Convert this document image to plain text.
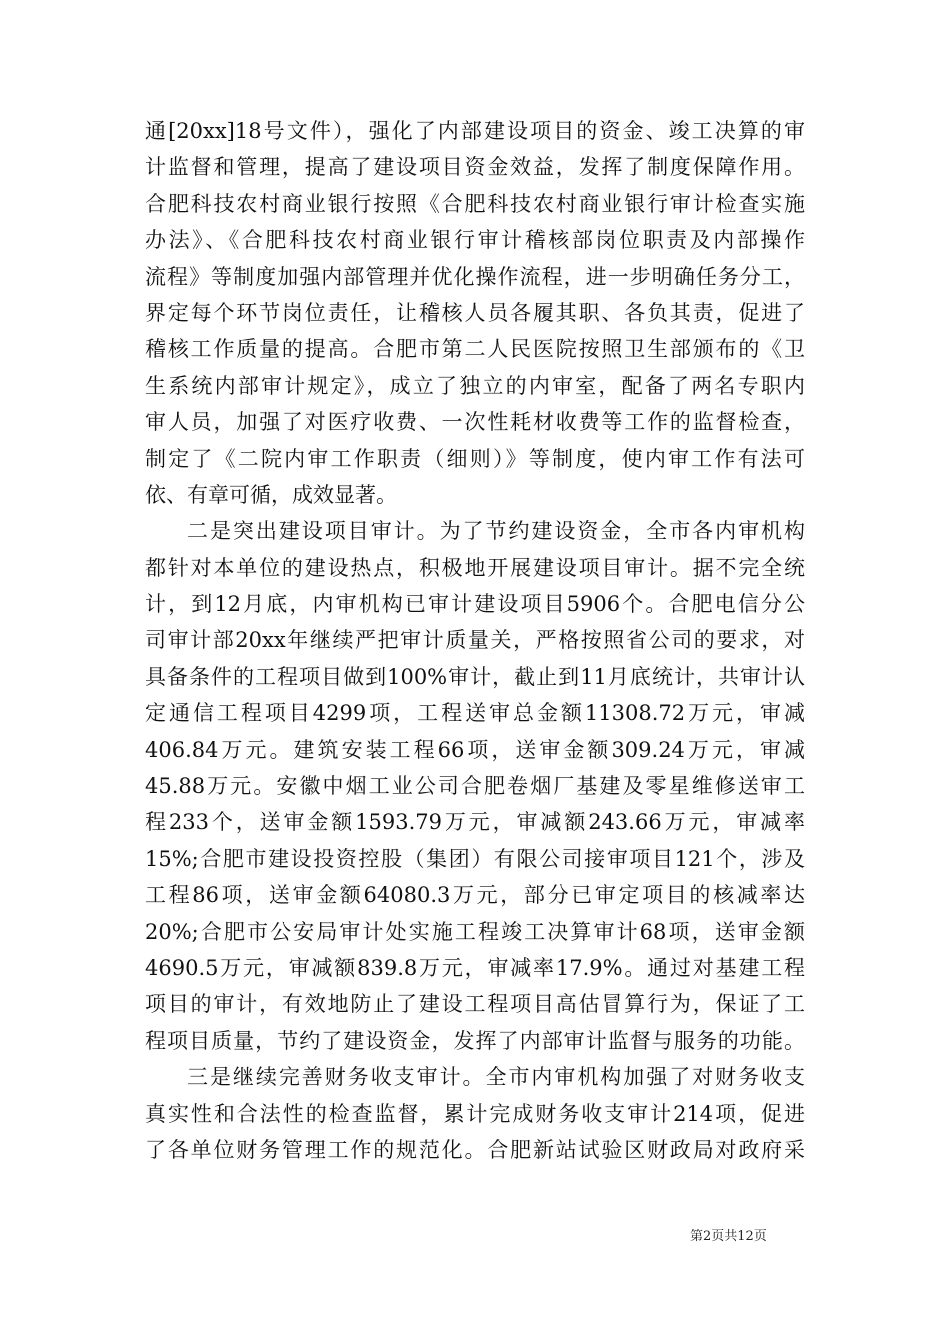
通[20xx]18号文件），强化了内部建设项目的资金、竣工决算的审
计监督和管理，提高了建设项目资金效益，发挥了制度保障作用。
合肥科技农村商业银行按照《合肥科技农村商业银行审计检查实施
办法》、《合肥科技农村商业银行审计稽核部岗位职责及内部操作
流程》等制度加强内部管理并优化操作流程，进一步明确任务分工，
界定每个环节岗位责任，让稽核人员各履其职、各负其责，促进了
稽核工作质量的提高。合肥市第二人民医院按照卫生部颁布的《卫
生系统内部审计规定》，成立了独立的内审室，配备了两名专职内
审人员，加强了对医疗收费、一次性耗材收费等工作的监督检查，
制定了《二院内审工作职责（细则）》等制度，使内审工作有法可
依、有章可循，成效显著。
二是突出建设项目审计。为了节约建设资金，全市各内审机构
都针对本单位的建设热点，积极地开展建设项目审计。据不完全统
计，到12月底，内审机构已审计建设项目5906个。合肥电信分公
司审计部20xx年继续严把审计质量关，严格按照省公司的要求，对
具备条件的工程项目做到100%审计，截止到11月底统计，共审计认
定通信工程项目4299项，工程送审总金额11308.72万元，审减
406.84万元。建筑安装工程66项，送审金额309.24万元，审减
45.88万元。安徽中烟工业公司合肥卷烟厂基建及零星维修送审工
程233个，送审金额1593.79万元，审减额243.66万元，审减率
15%;合肥市建设投资控股（集团）有限公司接审项目121个，涉及
工程86项，送审金额64080.3万元，部分已审定项目的核减率达
20%;合肥市公安局审计处实施工程竣工决算审计68项，送审金额
4690.5万元，审减额839.8万元，审减率17.9%。通过对基建工程
项目的审计，有效地防止了建设工程项目高估冒算行为，保证了工
程项目质量，节约了建设资金，发挥了内部审计监督与服务的功能。
三是继续完善财务收支审计。全市内审机构加强了对财务收支
真实性和合法性的检查监督，累计完成财务收支审计214项，促进
了各单位财务管理工作的规范化。合肥新站试验区财政局对政府采
第2页共12页
